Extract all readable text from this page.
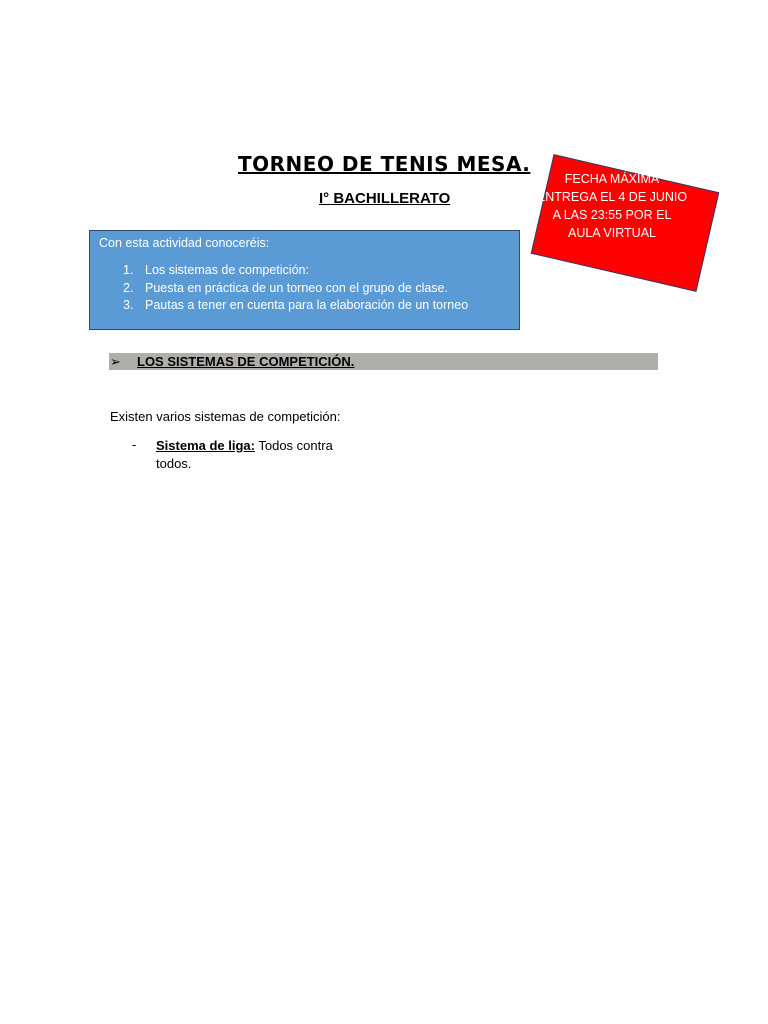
TORNEO DE TENIS MESA.
I° BACHILLERATO
FECHA MÁXIMA
ENTREGA EL 4 DE JUNIO
A LAS 23:55 POR EL
AULA VIRTUAL
Con esta actividad conoceréis:
1. Los sistemas de competición:
2. Puesta en práctica de un torneo con el grupo de clase.
3. Pautas a tener en cuenta para la elaboración de un torneo
➢ LOS SISTEMAS DE COMPETICIÓN.
Existen varios sistemas de competición:
- Sistema de liga: Todos contra todos.
